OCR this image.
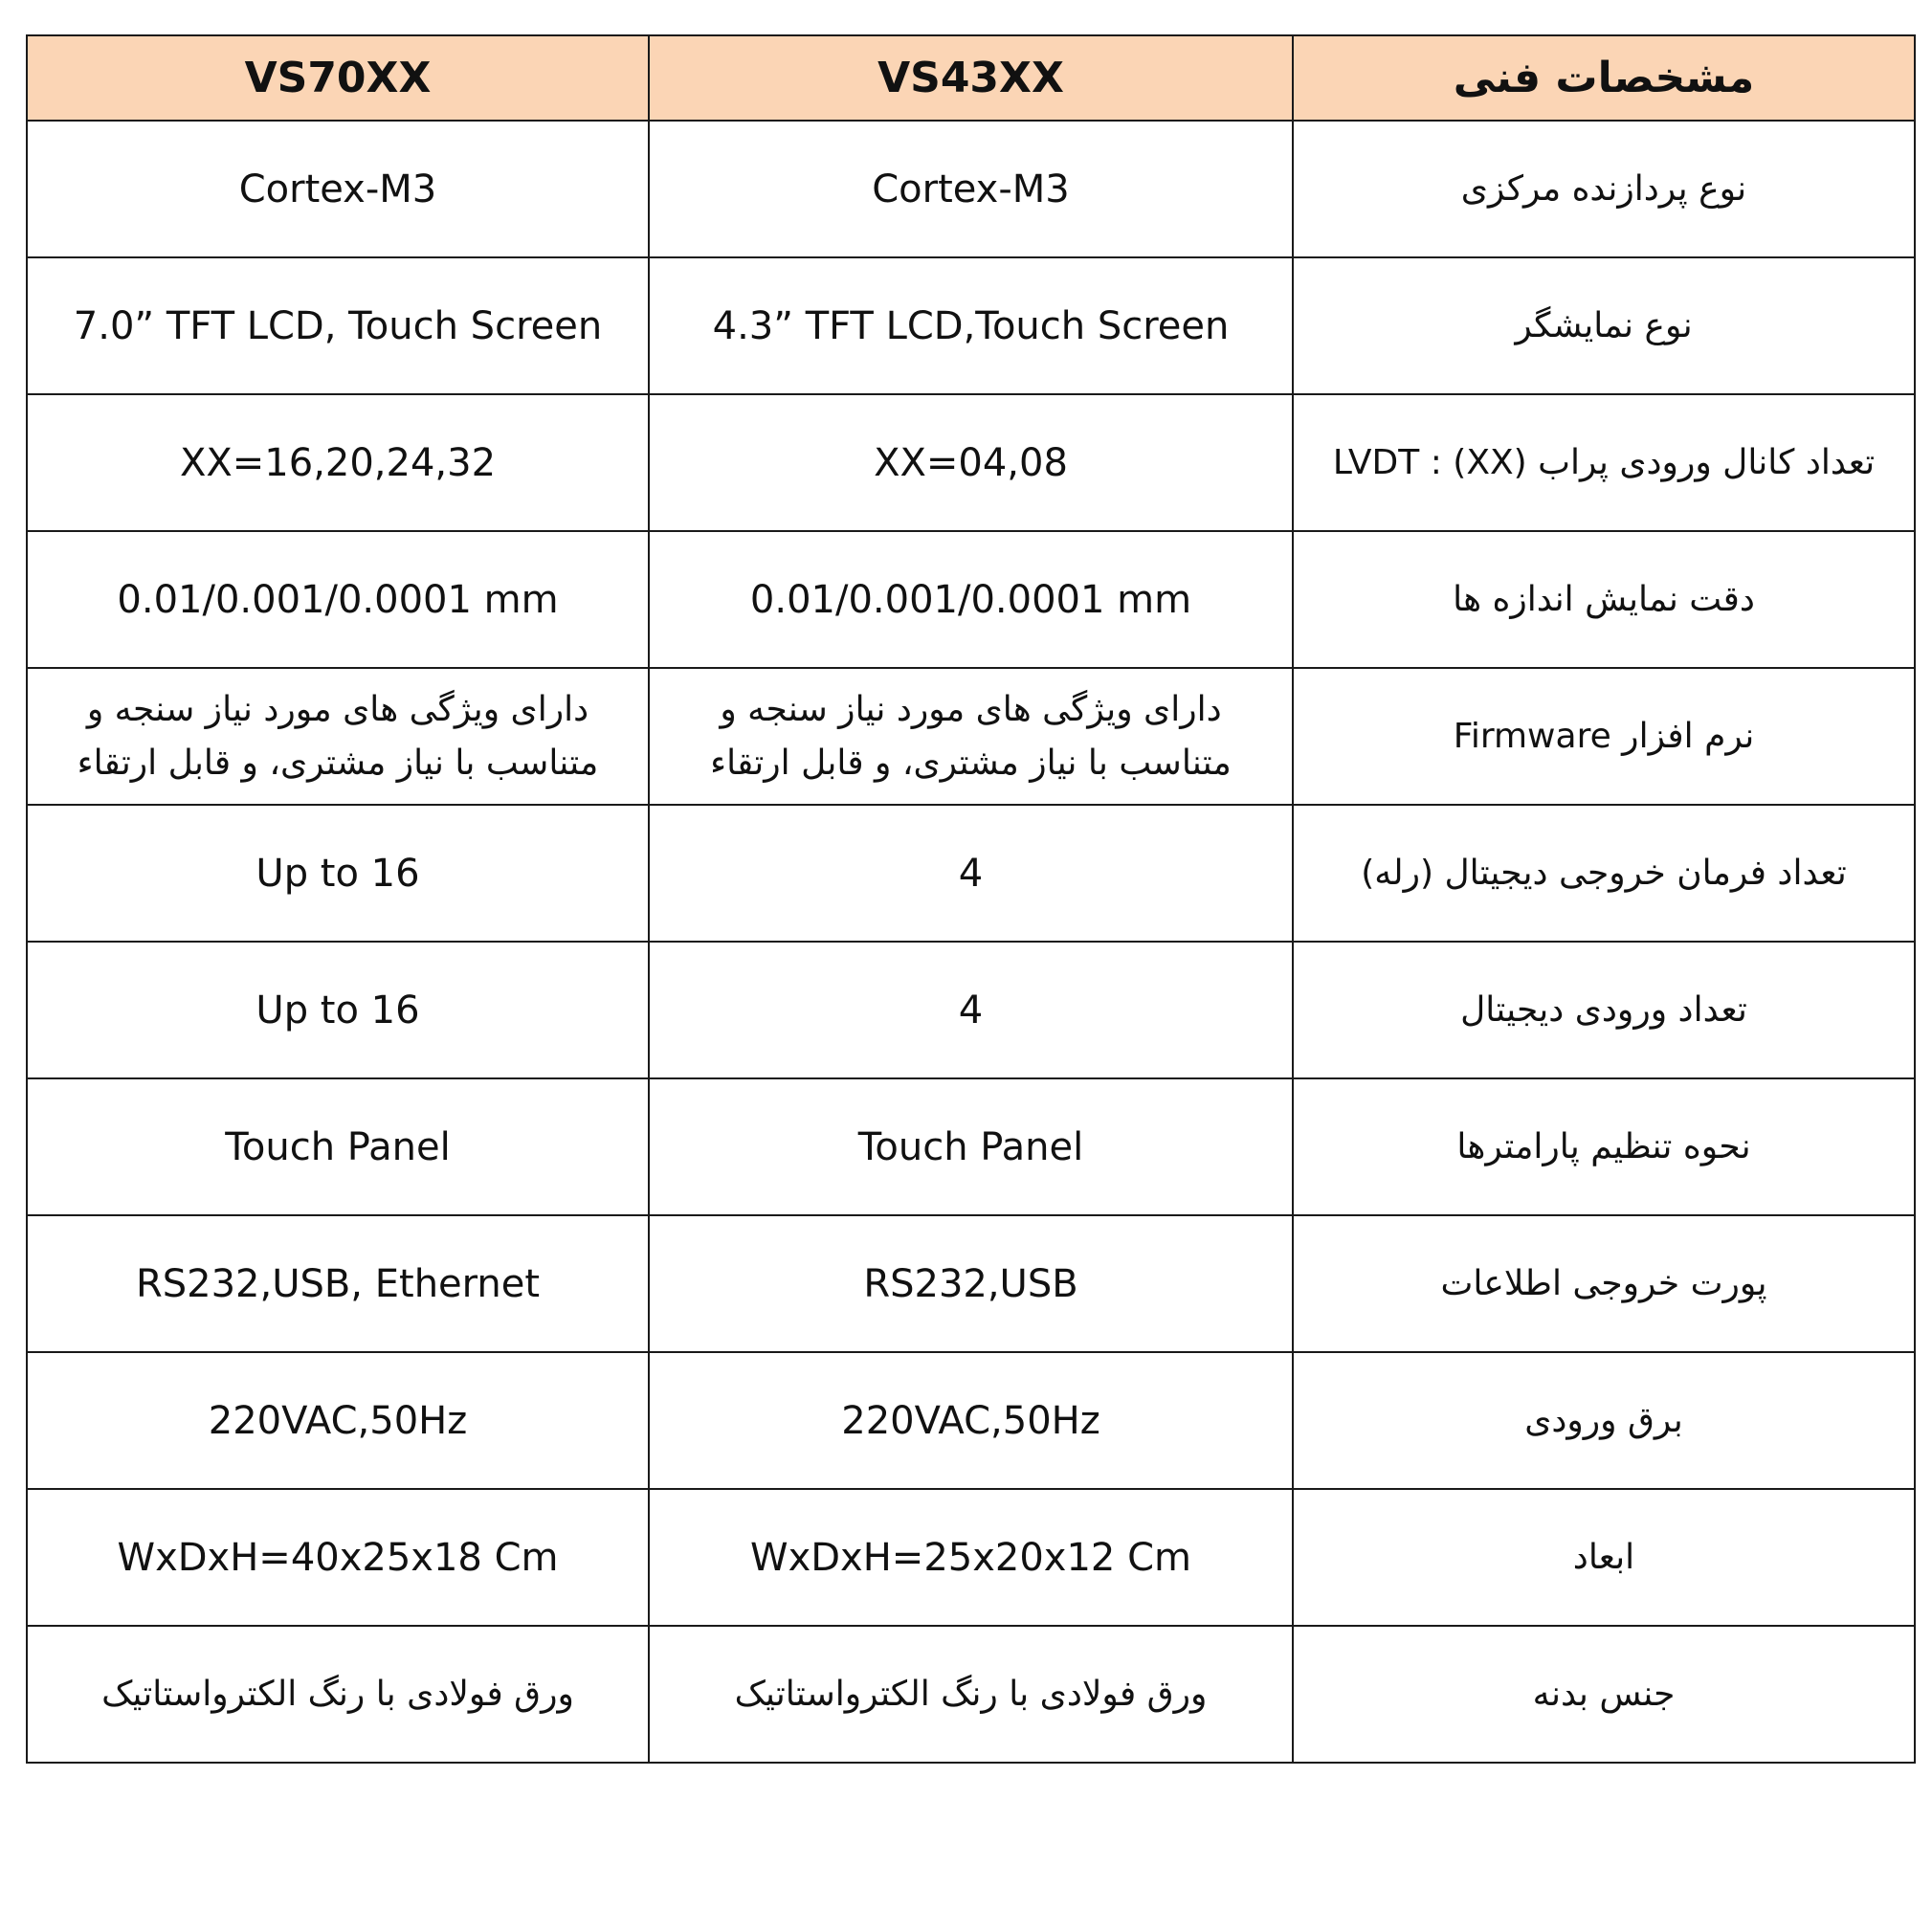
VS70XX	VS43XX	مشخصات فنی
Cortex-M3	Cortex-M3	نوع پردازنده مرکزی
7.0” TFT LCD, Touch Screen	4.3” TFT LCD,Touch Screen	نوع نمایشگر
XX=16,20,24,32	XX=04,08	تعداد کانال ورودی پراب LVDT : (XX)
0.01/0.001/0.0001 mm	0.01/0.001/0.0001 mm	دقت نمایش اندازه ها
دارای ویژگی های مورد نیاز سنجه و متناسب با نیاز مشتری، و قابل ارتقاء	دارای ویژگی های مورد نیاز سنجه و متناسب با نیاز مشتری، و قابل ارتقاء	نرم افزار Firmware
Up to 16	4	تعداد فرمان خروجی دیجیتال (رله)
Up to 16	4	تعداد ورودی دیجیتال
Touch Panel	Touch Panel	نحوه تنظیم پارامترها
RS232,USB, Ethernet	RS232,USB	پورت خروجی اطلاعات
220VAC,50Hz	220VAC,50Hz	برق ورودی
WxDxH=40x25x18 Cm	WxDxH=25x20x12 Cm	ابعاد
ورق فولادی با رنگ الکترواستاتیک	ورق فولادی با رنگ الکترواستاتیک	جنس بدنه
